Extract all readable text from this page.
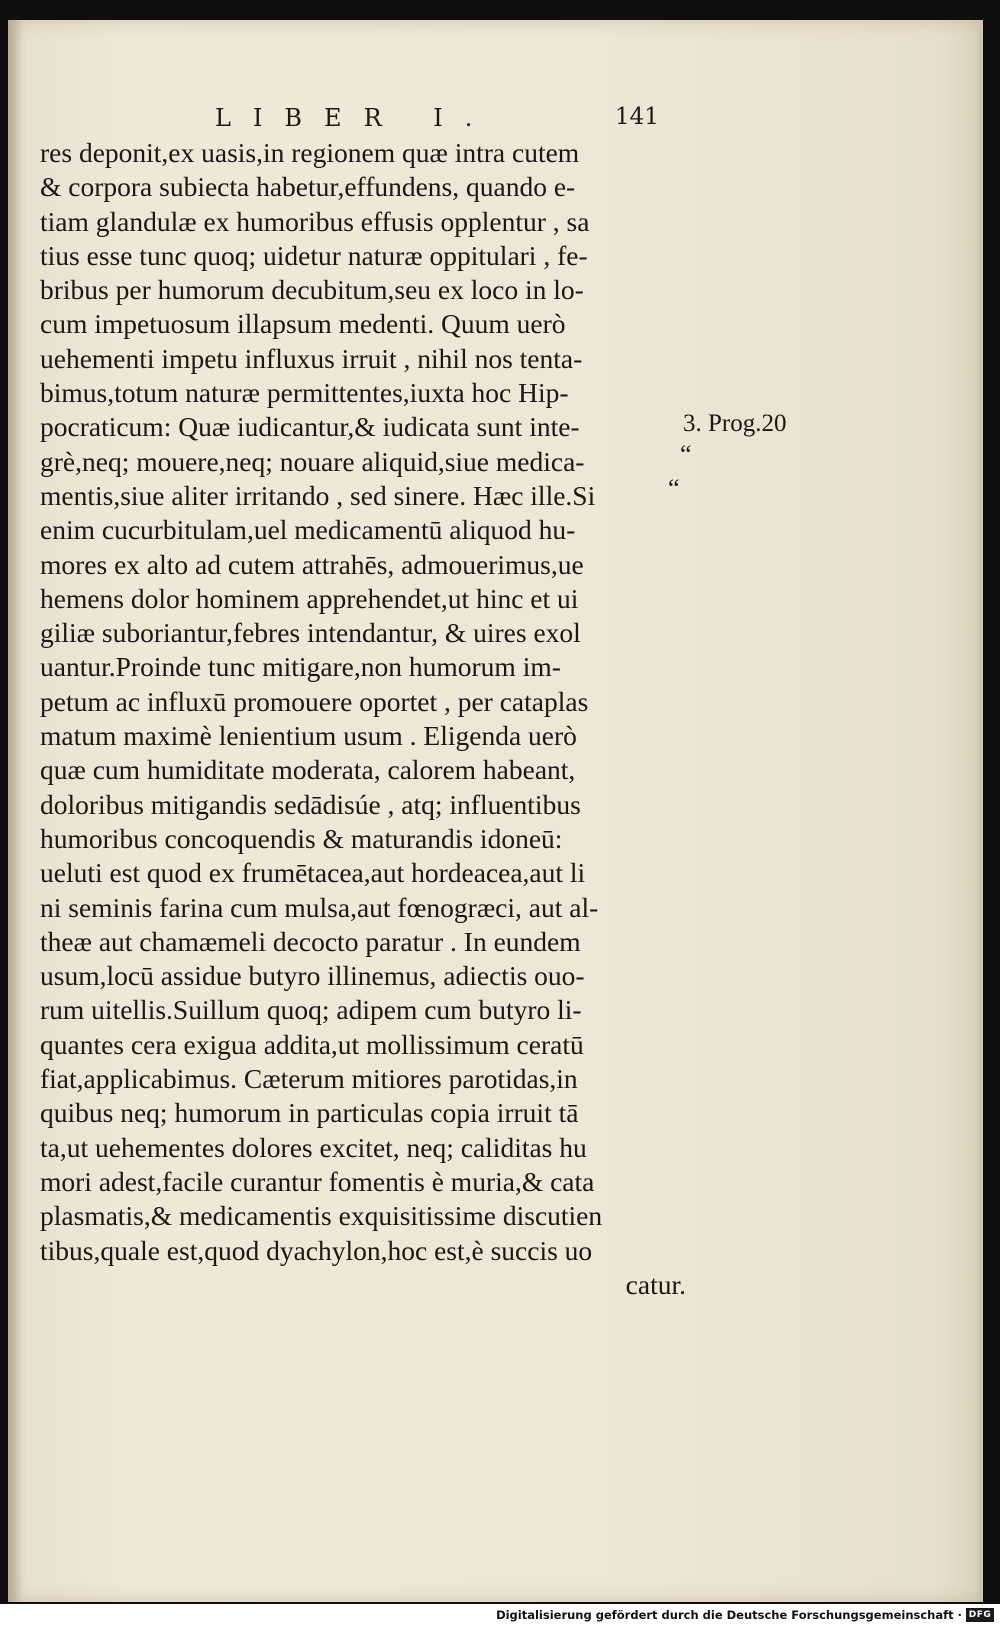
LIBER I.	141
res deponit,ex uasis,in regionem quæ intra cutem
& corpora subiecta habetur,effundens, quando e-
tiam glandulæ ex humoribus effusis opplentur , sa
tius esse tunc quoq; uidetur naturæ oppitulari , fe-
bribus per humorum decubitum,seu ex loco in lo-
cum impetuosum illapsum medenti. Quum uerò
uehementi impetu influxus irruit , nihil nos tenta-
bimus,totum naturæ permittentes,iuxta hoc Hip-
pocraticum: Quæ iudicantur,& iudicata sunt inte-
grè,neq; mouere,neq; nouare aliquid,siue medica-
mentis,siue aliter irritando , sed sinere. Hæc ille.Si
enim cucurbitulam,uel medicamentū aliquod hu-
mores ex alto ad cutem attrahēs, admouerimus,ue
hemens dolor hominem apprehendet,ut hinc et ui
giliæ suboriantur,febres intendantur, & uires exol
uantur.Proinde tunc mitigare,non humorum im-
petum ac influxū promouere oportet , per cataplas
matum maximè lenientium usum . Eligenda uerò
quæ cum humiditate moderata, calorem habeant,
doloribus mitigandis sedādisúe , atq; influentibus
humoribus concoquendis & maturandis idoneū:
ueluti est quod ex frumētacea,aut hordeacea,aut li
ni seminis farina cum mulsa,aut fœnogræci, aut al-
theæ aut chamæmeli decocto paratur . In eundem
usum,locū assidue butyro illinemus, adiectis ouo-
rum uitellis.Suillum quoq; adipem cum butyro li-
quantes cera exigua addita,ut mollissimum ceratū
fiat,applicabimus. Cæterum mitiores parotidas,in
quibus neq; humorum in particulas copia irruit tā
ta,ut uehementes dolores excitet, neq; caliditas hu
mori adest,facile curantur fomentis è muria,& cata
plasmatis,& medicamentis exquisitissime discutien
tibus,quale est,quod dyachylon,hoc est,è succis uo
catur.
3. Prog.20
“
“
Digitalisierung gefördert durch die Deutsche Forschungsgemeinschaft · DFG
